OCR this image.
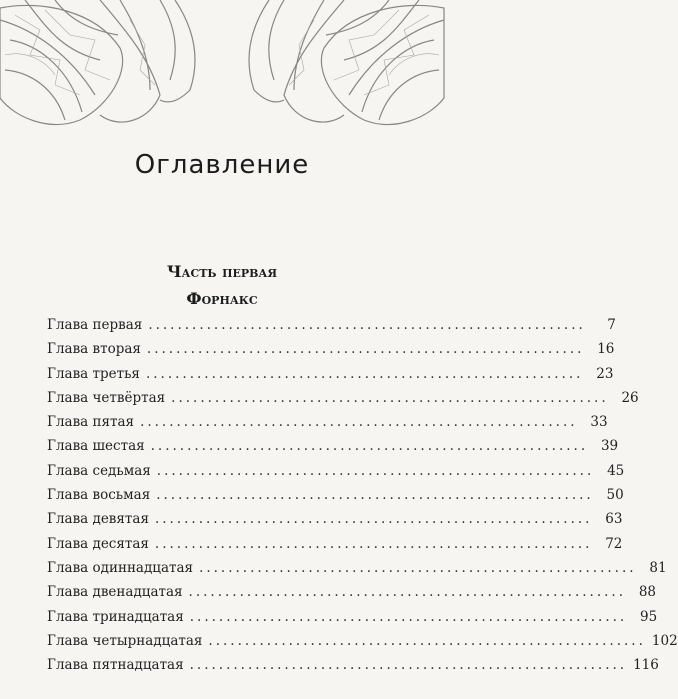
Оглавление
Часть первая
Форнакс
Глава первая ............................................................	7
Глава вторая ............................................................ 16
Глава третья ............................................................ 23
Глава четвёртая ............................................................ 26
Глава пятая ............................................................ 33
Глава шестая ............................................................ 39
Глава седьмая ............................................................ 45
Глава восьмая ............................................................ 50
Глава девятая ............................................................ 63
Глава десятая ............................................................ 72
Глава одиннадцатая ............................................................ 81
Глава двенадцатая ............................................................ 88
Глава тринадцатая ............................................................ 95
Глава четырнадцатая ............................................................ 102
Глава пятнадцатая ............................................................ 116
